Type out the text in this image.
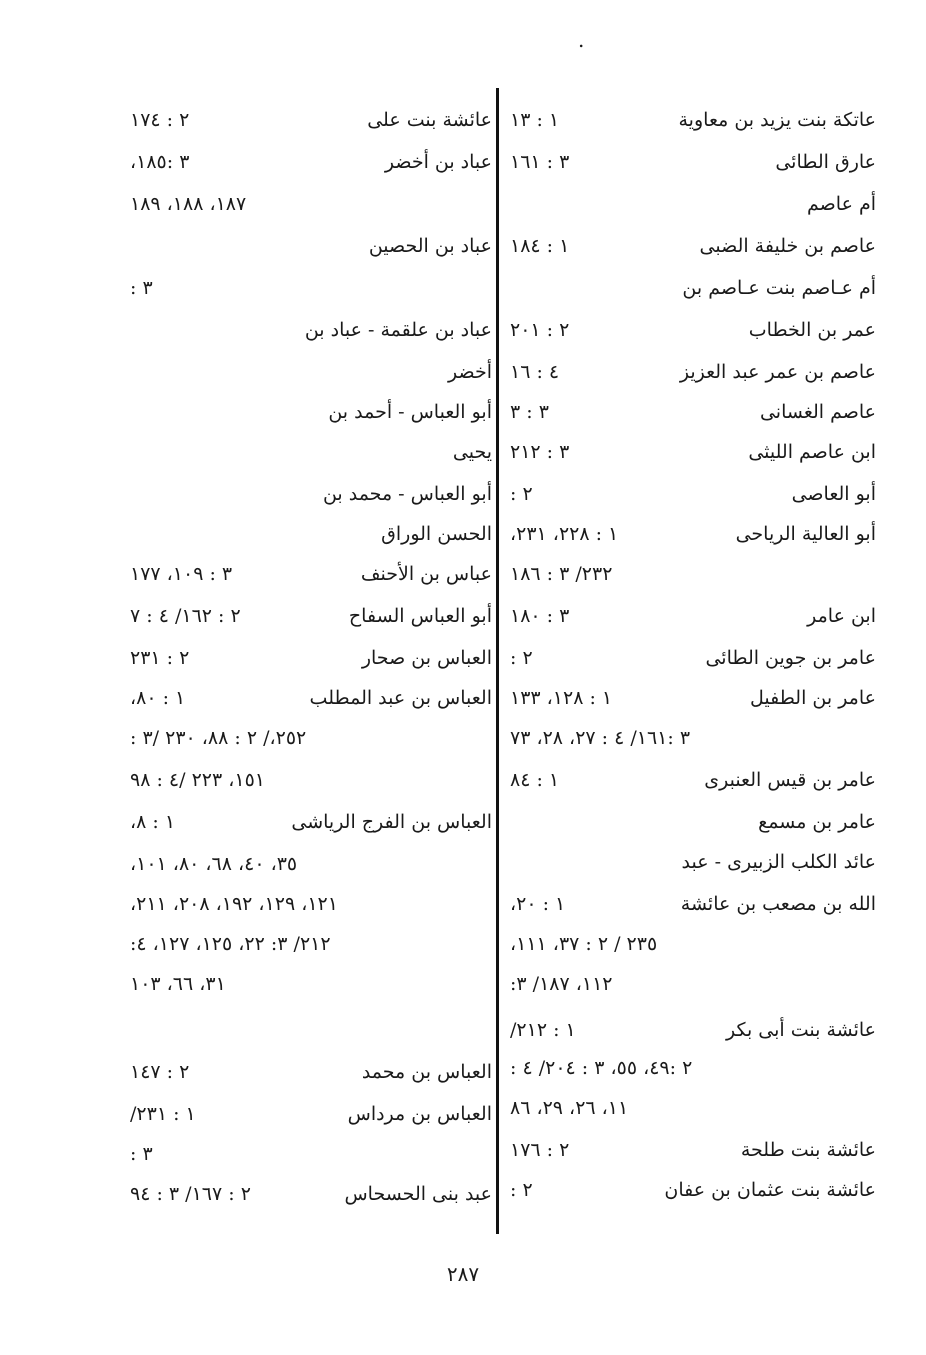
.
عاتكة بنت يزيد بن معاوية
١ : ١٣
عارق الطائى
٣ : ١٦١
أم عاصم
عاصم بن خليفة الضبى
١ : ١٨٤
أم عـاصم بنت عـاصم بن
عمر بن الخطاب
٢ : ٢٠١
عاصم بن عمر عبد العزيز
٤ : ١٦
عاصم الغسانى
٣ : ٣
ابن عاصم الليثى
٣ : ٢١٢
أبو العاصى
٢ :
أبو العالية الرياحى
١ : ٢٢٨، ٢٣١،
٢٣٢/ ٣ : ١٨٦
ابن عامر
٣ : ١٨٠
عامر بن جوين الطائى
٢ :
عامر بن الطفيل
١ : ١٢٨، ١٣٣
٣ :١٦١/ ٤ : ٢٧، ٢٨، ٧٣
عامر بن قيس العنبرى
١ : ٨٤
عامر بن مسمع
عائد الكلب الزبيرى - عبد
الله بن مصعب بن عائشة
١ : ٢٠،
٢٣٥ / ٢ : ٣٧، ١١١،
١١٢، ١٨٧/ ٣:
عائشة بنت أبى بكر
١ : ٢١٢/
٢ :٤٩، ٥٥، ٣ : ٢٠٤/ ٤ :
١١، ٢٦، ٢٩، ٨٦
عائشة بنت طلحة
٢ : ١٧٦
عائشة بنت عثمان بن عفان
٢ :
عائشة بنت على
٢ : ١٧٤
عباد بن أخضر
٣ :١٨٥،
١٨٧، ١٨٨، ١٨٩
عباد بن الحصين
٣ :
عباد بن علقمة - عباد بن
أخضر
أبو العباس - أحمد بن
يحيى
أبو العباس - محمد بن
الحسن الوراق
عباس بن الأحنف
٣ : ١٠٩، ١٧٧
أبو العباس السفاح
٢ : ١٦٢/ ٤ : ٧
العباس بن صحار
٢ : ٢٣١
العباس بن عبد المطلب
١ : ٨٠،
٢٥٢،/ ٢ : ٨٨، ٢٣٠ /٣ :
١٥١، ٢٢٣ /٤ : ٩٨
العباس بن الفرج الرياشى
١ : ٨،
٣٥، ٤٠، ٦٨، ٨٠، ١٠١،
١٢١، ١٢٩، ١٩٢، ٢٠٨، ٢١١،
٢١٢/ ٣: ٢٢، ١٢٥، ١٢٧، ٤:
٣١، ٦٦، ١٠٣
العباس بن محمد
٢ : ١٤٧
العباس بن مرداس
١ : ٢٣١/
٣ :
عبد بنى الحسحاس
٢ : ١٦٧/ ٣ : ٩٤
٢٨٧
